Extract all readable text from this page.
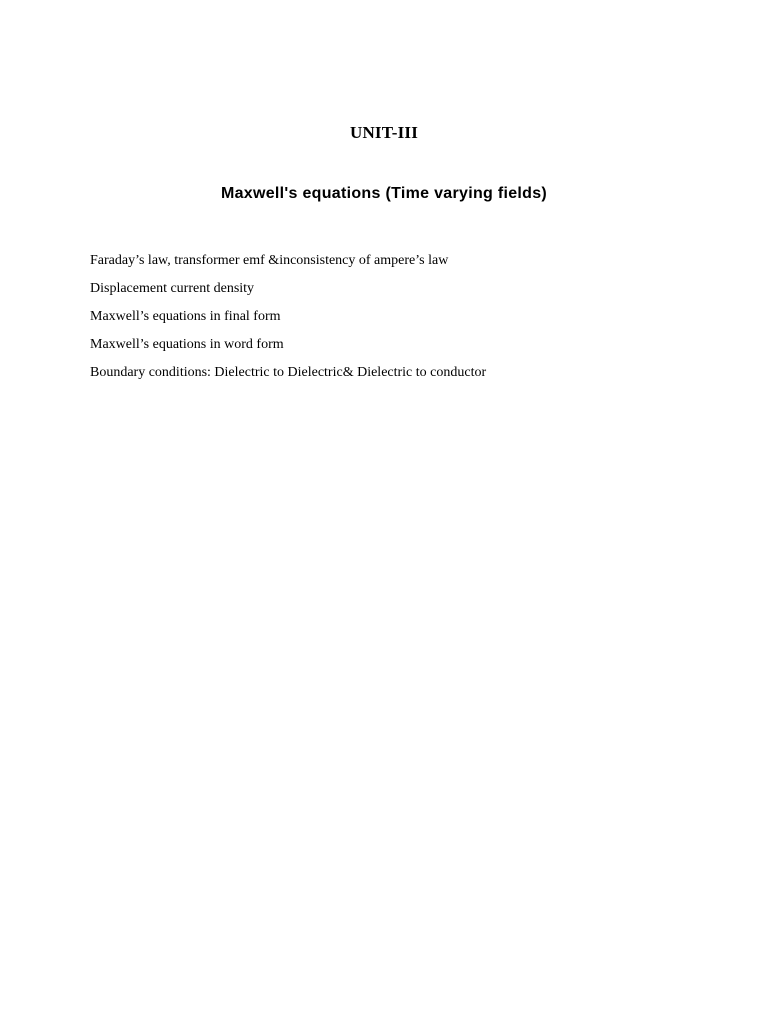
UNIT-III
Maxwell's equations (Time varying fields)
Faraday’s law, transformer emf &inconsistency of ampere’s law
Displacement current density
Maxwell’s equations in final form
Maxwell’s equations in word form
Boundary conditions: Dielectric to Dielectric& Dielectric to conductor
